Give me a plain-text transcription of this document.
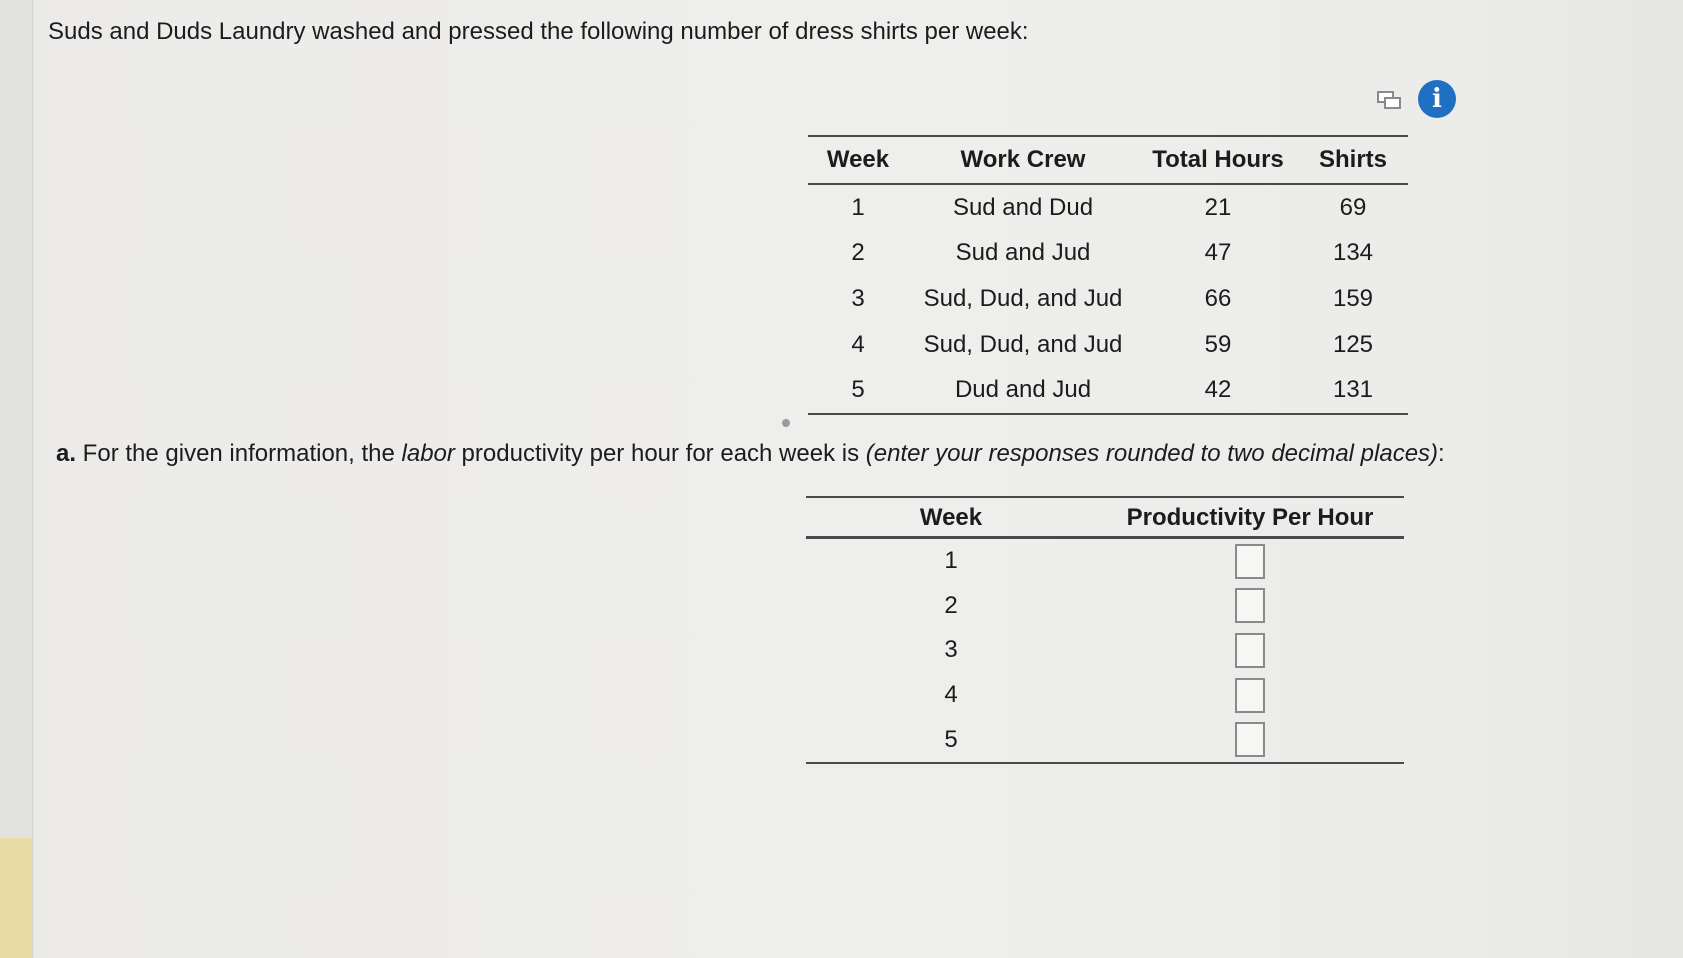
Suds and Duds Laundry washed and pressed the following number of dress shirts per week:

i
Week	Work Crew	Total Hours	Shirts
1	Sud and Dud	21	69
2	Sud and Jud	47	134
3	Sud, Dud, and Jud	66	159
4	Sud, Dud, and Jud	59	125
5	Dud and Jud	42	131

a. For the given information, the labor productivity per hour for each week is (enter your responses rounded to two decimal places):

Week	Productivity Per Hour
1	
2	
3	
4	
5	
